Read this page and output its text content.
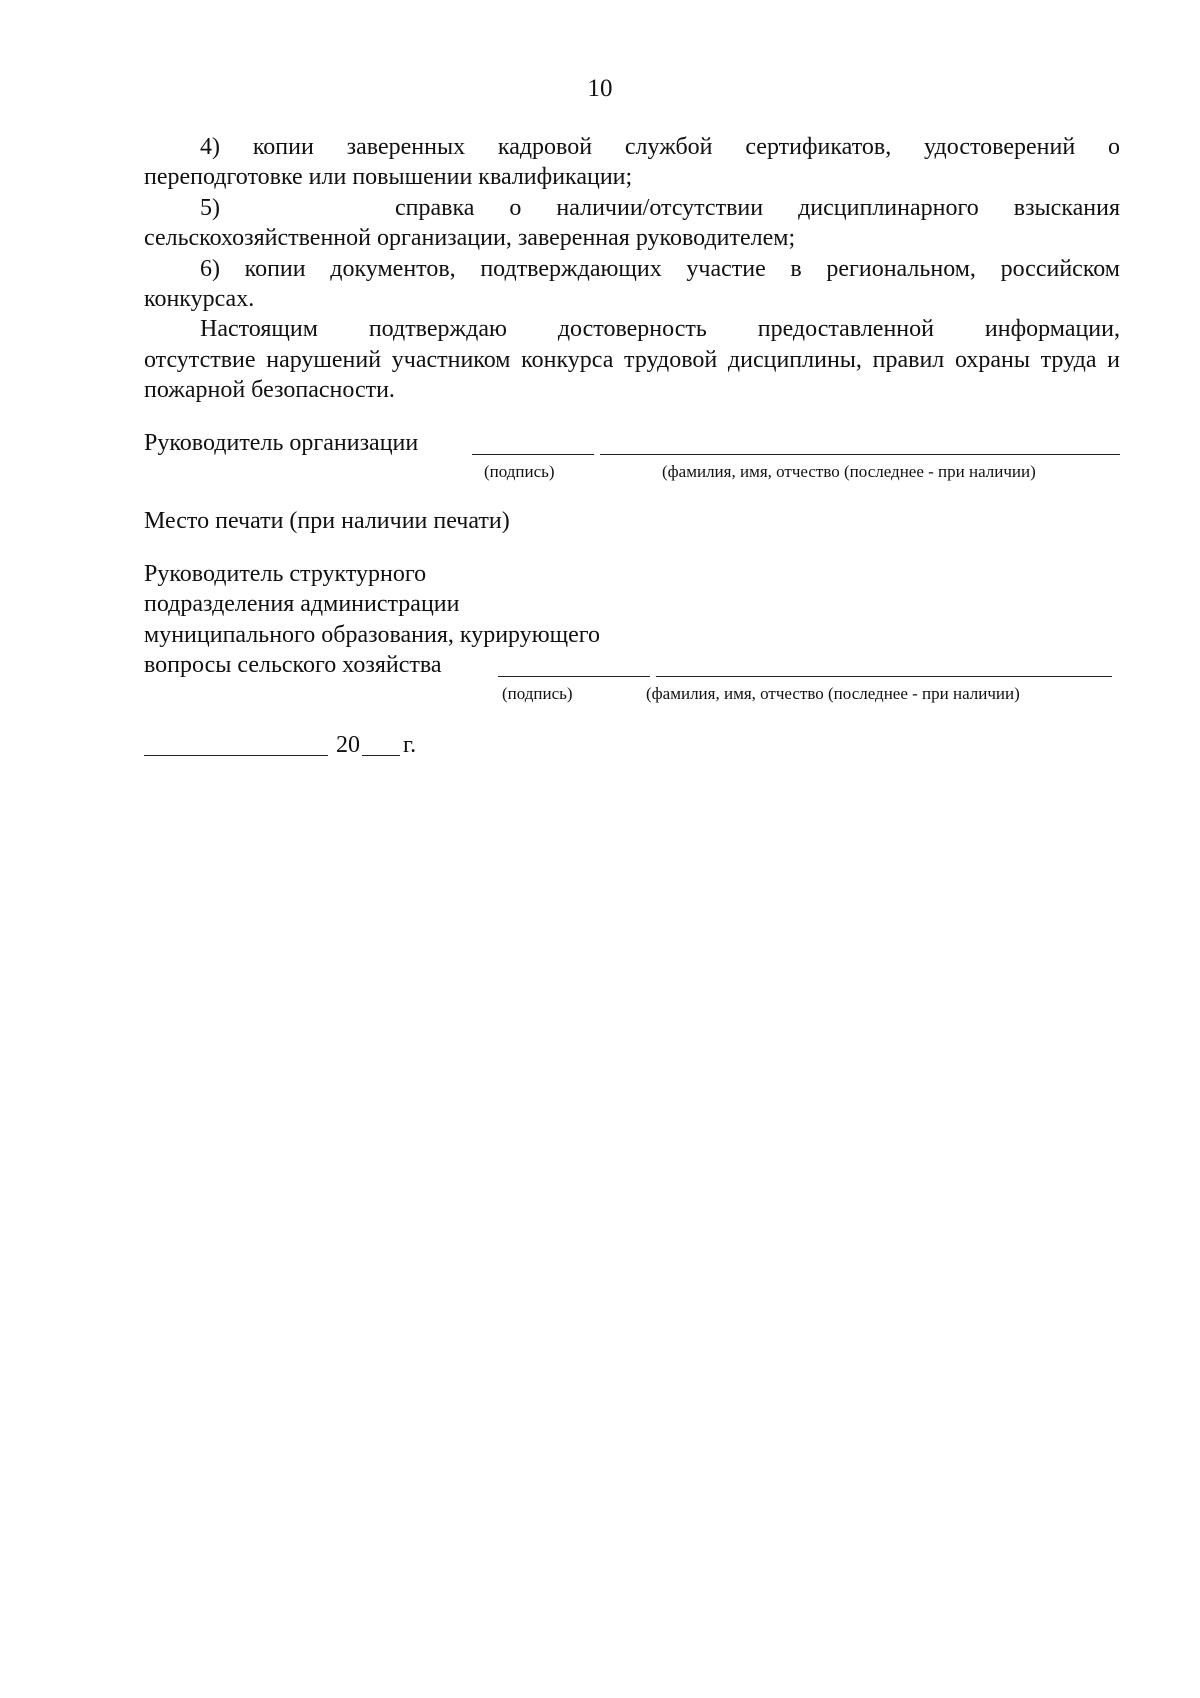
10

4) копии заверенных кадровой службой сертификатов, удостоверений о
переподготовке или повышении квалификации;

5)     справка о наличии/отсутствии дисциплинарного взыскания
сельскохозяйственной организации, заверенная руководителем;

6) копии документов, подтверждающих участие в региональном, российском
конкурсах.

Настоящим подтверждаю достоверность предоставленной информации,
отсутствие нарушений участником конкурса трудовой дисциплины, правил охраны труда и пожарной безопасности.

Руководитель организации
(подпись)	(фамилия, имя, отчество (последнее - при наличии)
Место печати (при наличии печати)
Руководитель структурного
подразделения администрации
муниципального образования, курирующего
вопросы сельского хозяйства
(подпись)	(фамилия, имя, отчество (последнее - при наличии)
20 г.
